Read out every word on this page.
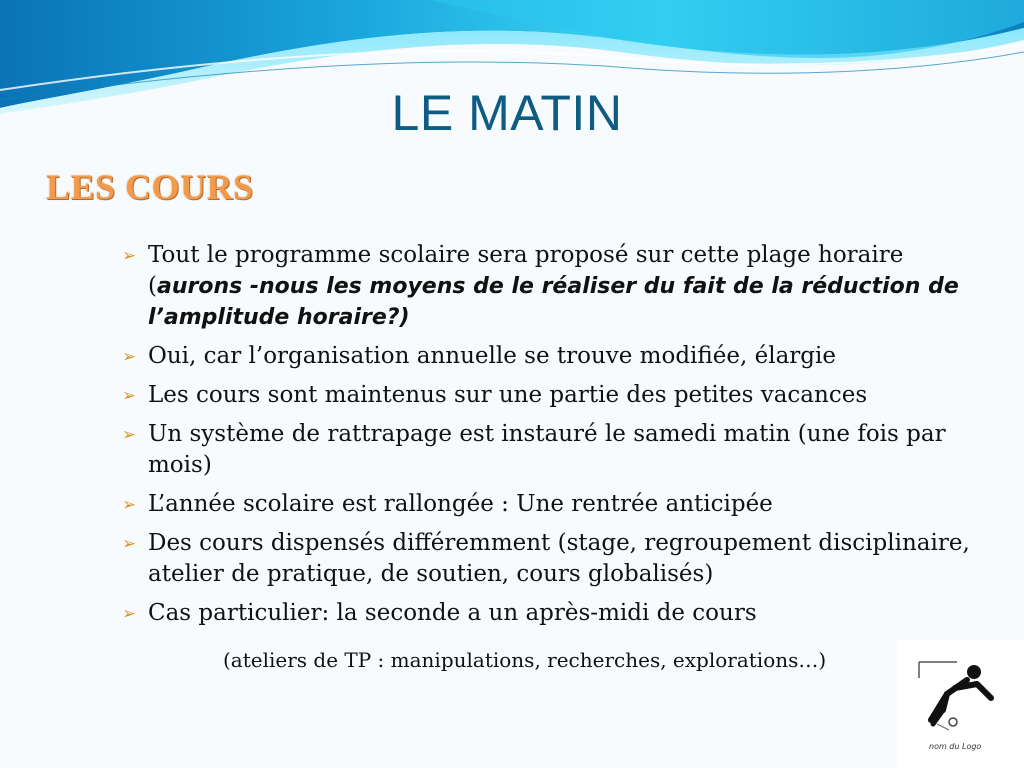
LE MATIN
LES COURS
➢ Tout le programme scolaire sera proposé sur cette plage horaire (aurons -nous les moyens de le réaliser du fait de la réduction de l’amplitude horaire?)
➢ Oui, car l’organisation annuelle se trouve modifiée, élargie
➢ Les cours sont maintenus sur une partie des petites vacances
➢ Un système de rattrapage est instauré le samedi matin (une fois par mois)
➢ L’année scolaire est rallongée : Une rentrée anticipée
➢ Des cours dispensés différemment (stage, regroupement disciplinaire, atelier de pratique, de soutien, cours globalisés)
➢ Cas particulier: la seconde a un après-midi de cours
(ateliers de TP : manipulations, recherches, explorations…)
nom du Logo
